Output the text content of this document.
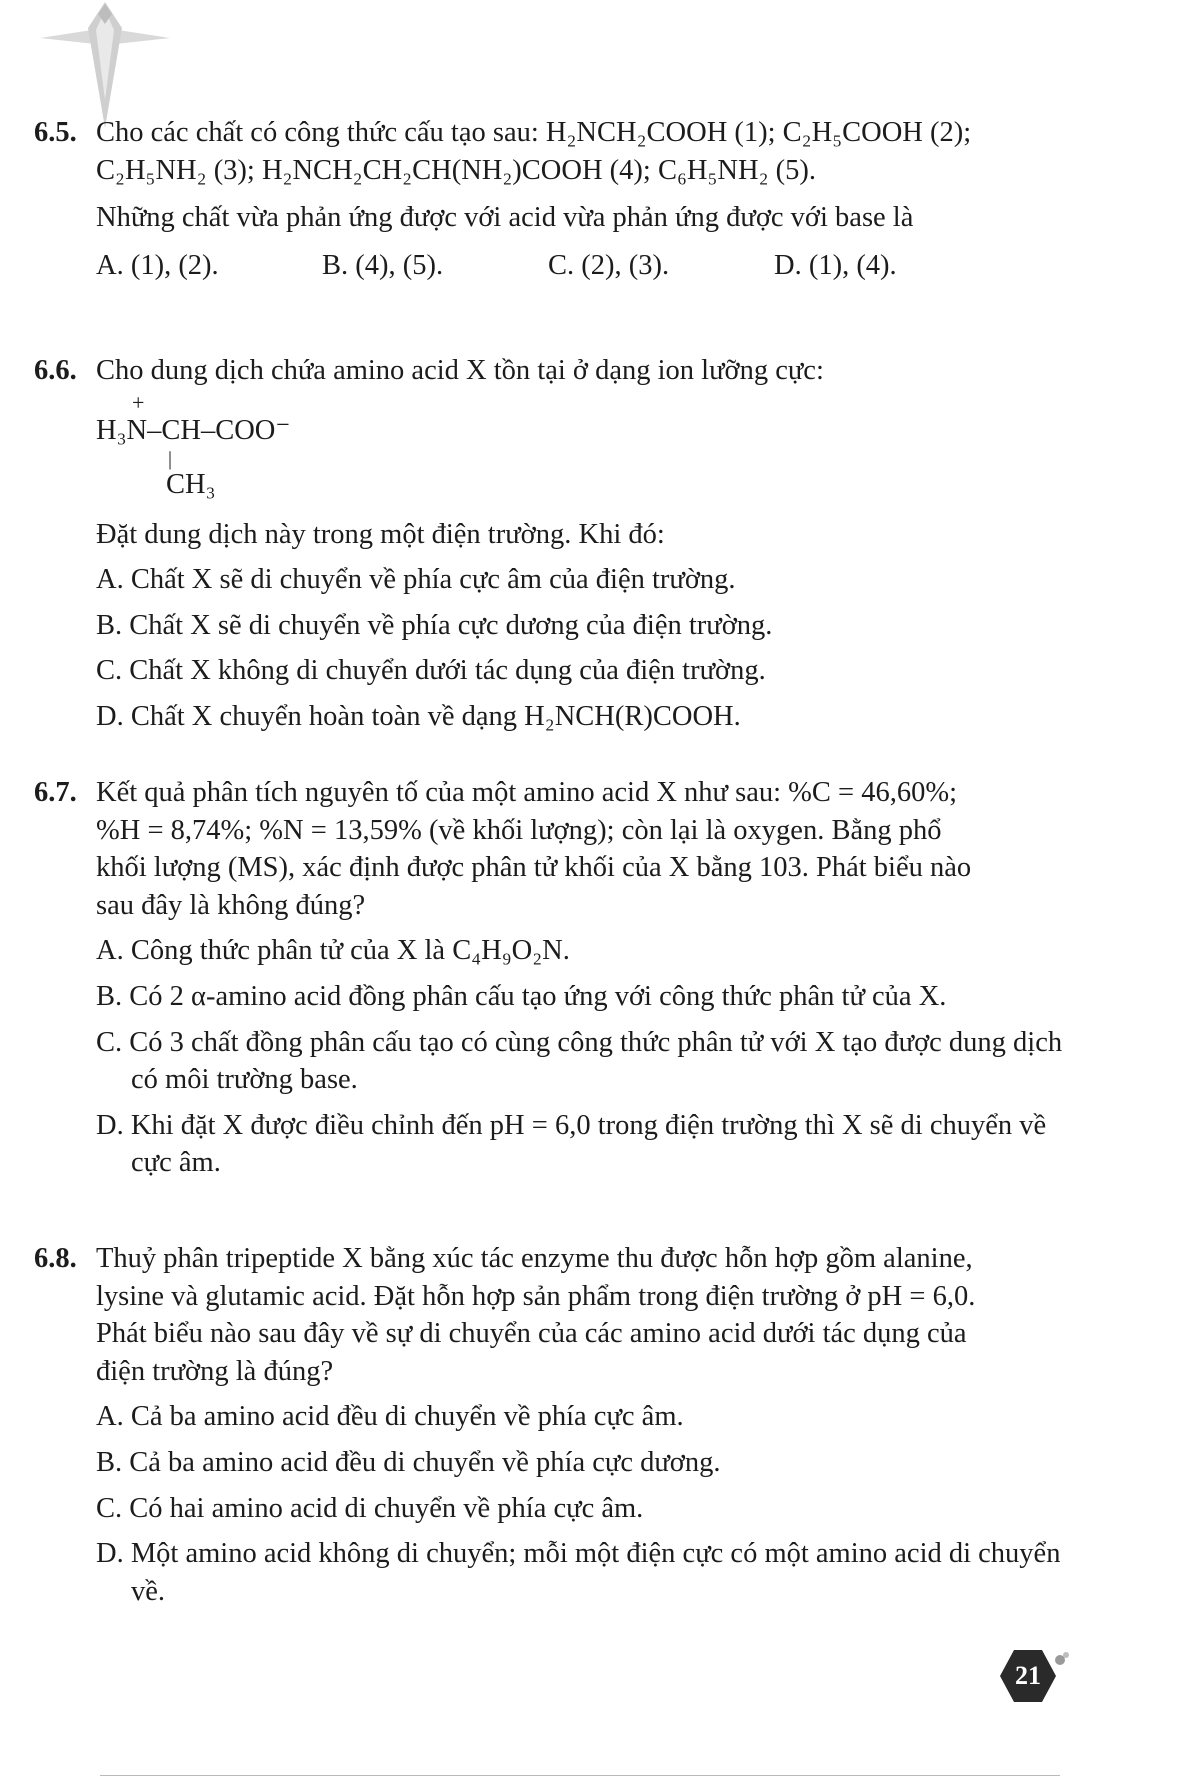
6.5. Cho các chất có công thức cấu tạo sau: H₂NCH₂COOH (1); C₂H₅COOH (2);
C₂H₅NH₂ (3); H₂NCH₂CH₂CH(NH₂)COOH (4); C₆H₅NH₂ (5).
Những chất vừa phản ứng được với acid vừa phản ứng được với base là
A. (1), (2).	B. (4), (5).	C. (2), (3).	D. (1), (4).
6.6. Cho dung dịch chứa amino acid X tồn tại ở dạng ion lưỡng cực:
+
H₃N–CH–COO⁻
|
CH₃
Đặt dung dịch này trong một điện trường. Khi đó:
A. Chất X sẽ di chuyển về phía cực âm của điện trường.
B. Chất X sẽ di chuyển về phía cực dương của điện trường.
C. Chất X không di chuyển dưới tác dụng của điện trường.
D. Chất X chuyển hoàn toàn về dạng H₂NCH(R)COOH.
6.7. Kết quả phân tích nguyên tố của một amino acid X như sau: %C = 46,60%;
%H = 8,74%; %N = 13,59% (về khối lượng); còn lại là oxygen. Bằng phổ
khối lượng (MS), xác định được phân tử khối của X bằng 103. Phát biểu nào
sau đây là không đúng?
A. Công thức phân tử của X là C₄H₉O₂N.
B. Có 2 α-amino acid đồng phân cấu tạo ứng với công thức phân tử của X.
C. Có 3 chất đồng phân cấu tạo có cùng công thức phân tử với X tạo được dung dịch có môi trường base.
D. Khi đặt X được điều chỉnh đến pH = 6,0 trong điện trường thì X sẽ di chuyển về cực âm.
6.8. Thuỷ phân tripeptide X bằng xúc tác enzyme thu được hỗn hợp gồm alanine,
lysine và glutamic acid. Đặt hỗn hợp sản phẩm trong điện trường ở pH = 6,0.
Phát biểu nào sau đây về sự di chuyển của các amino acid dưới tác dụng của
điện trường là đúng?
A. Cả ba amino acid đều di chuyển về phía cực âm.
B. Cả ba amino acid đều di chuyển về phía cực dương.
C. Có hai amino acid di chuyển về phía cực âm.
D. Một amino acid không di chuyển; mỗi một điện cực có một amino acid di chuyển về.
21
